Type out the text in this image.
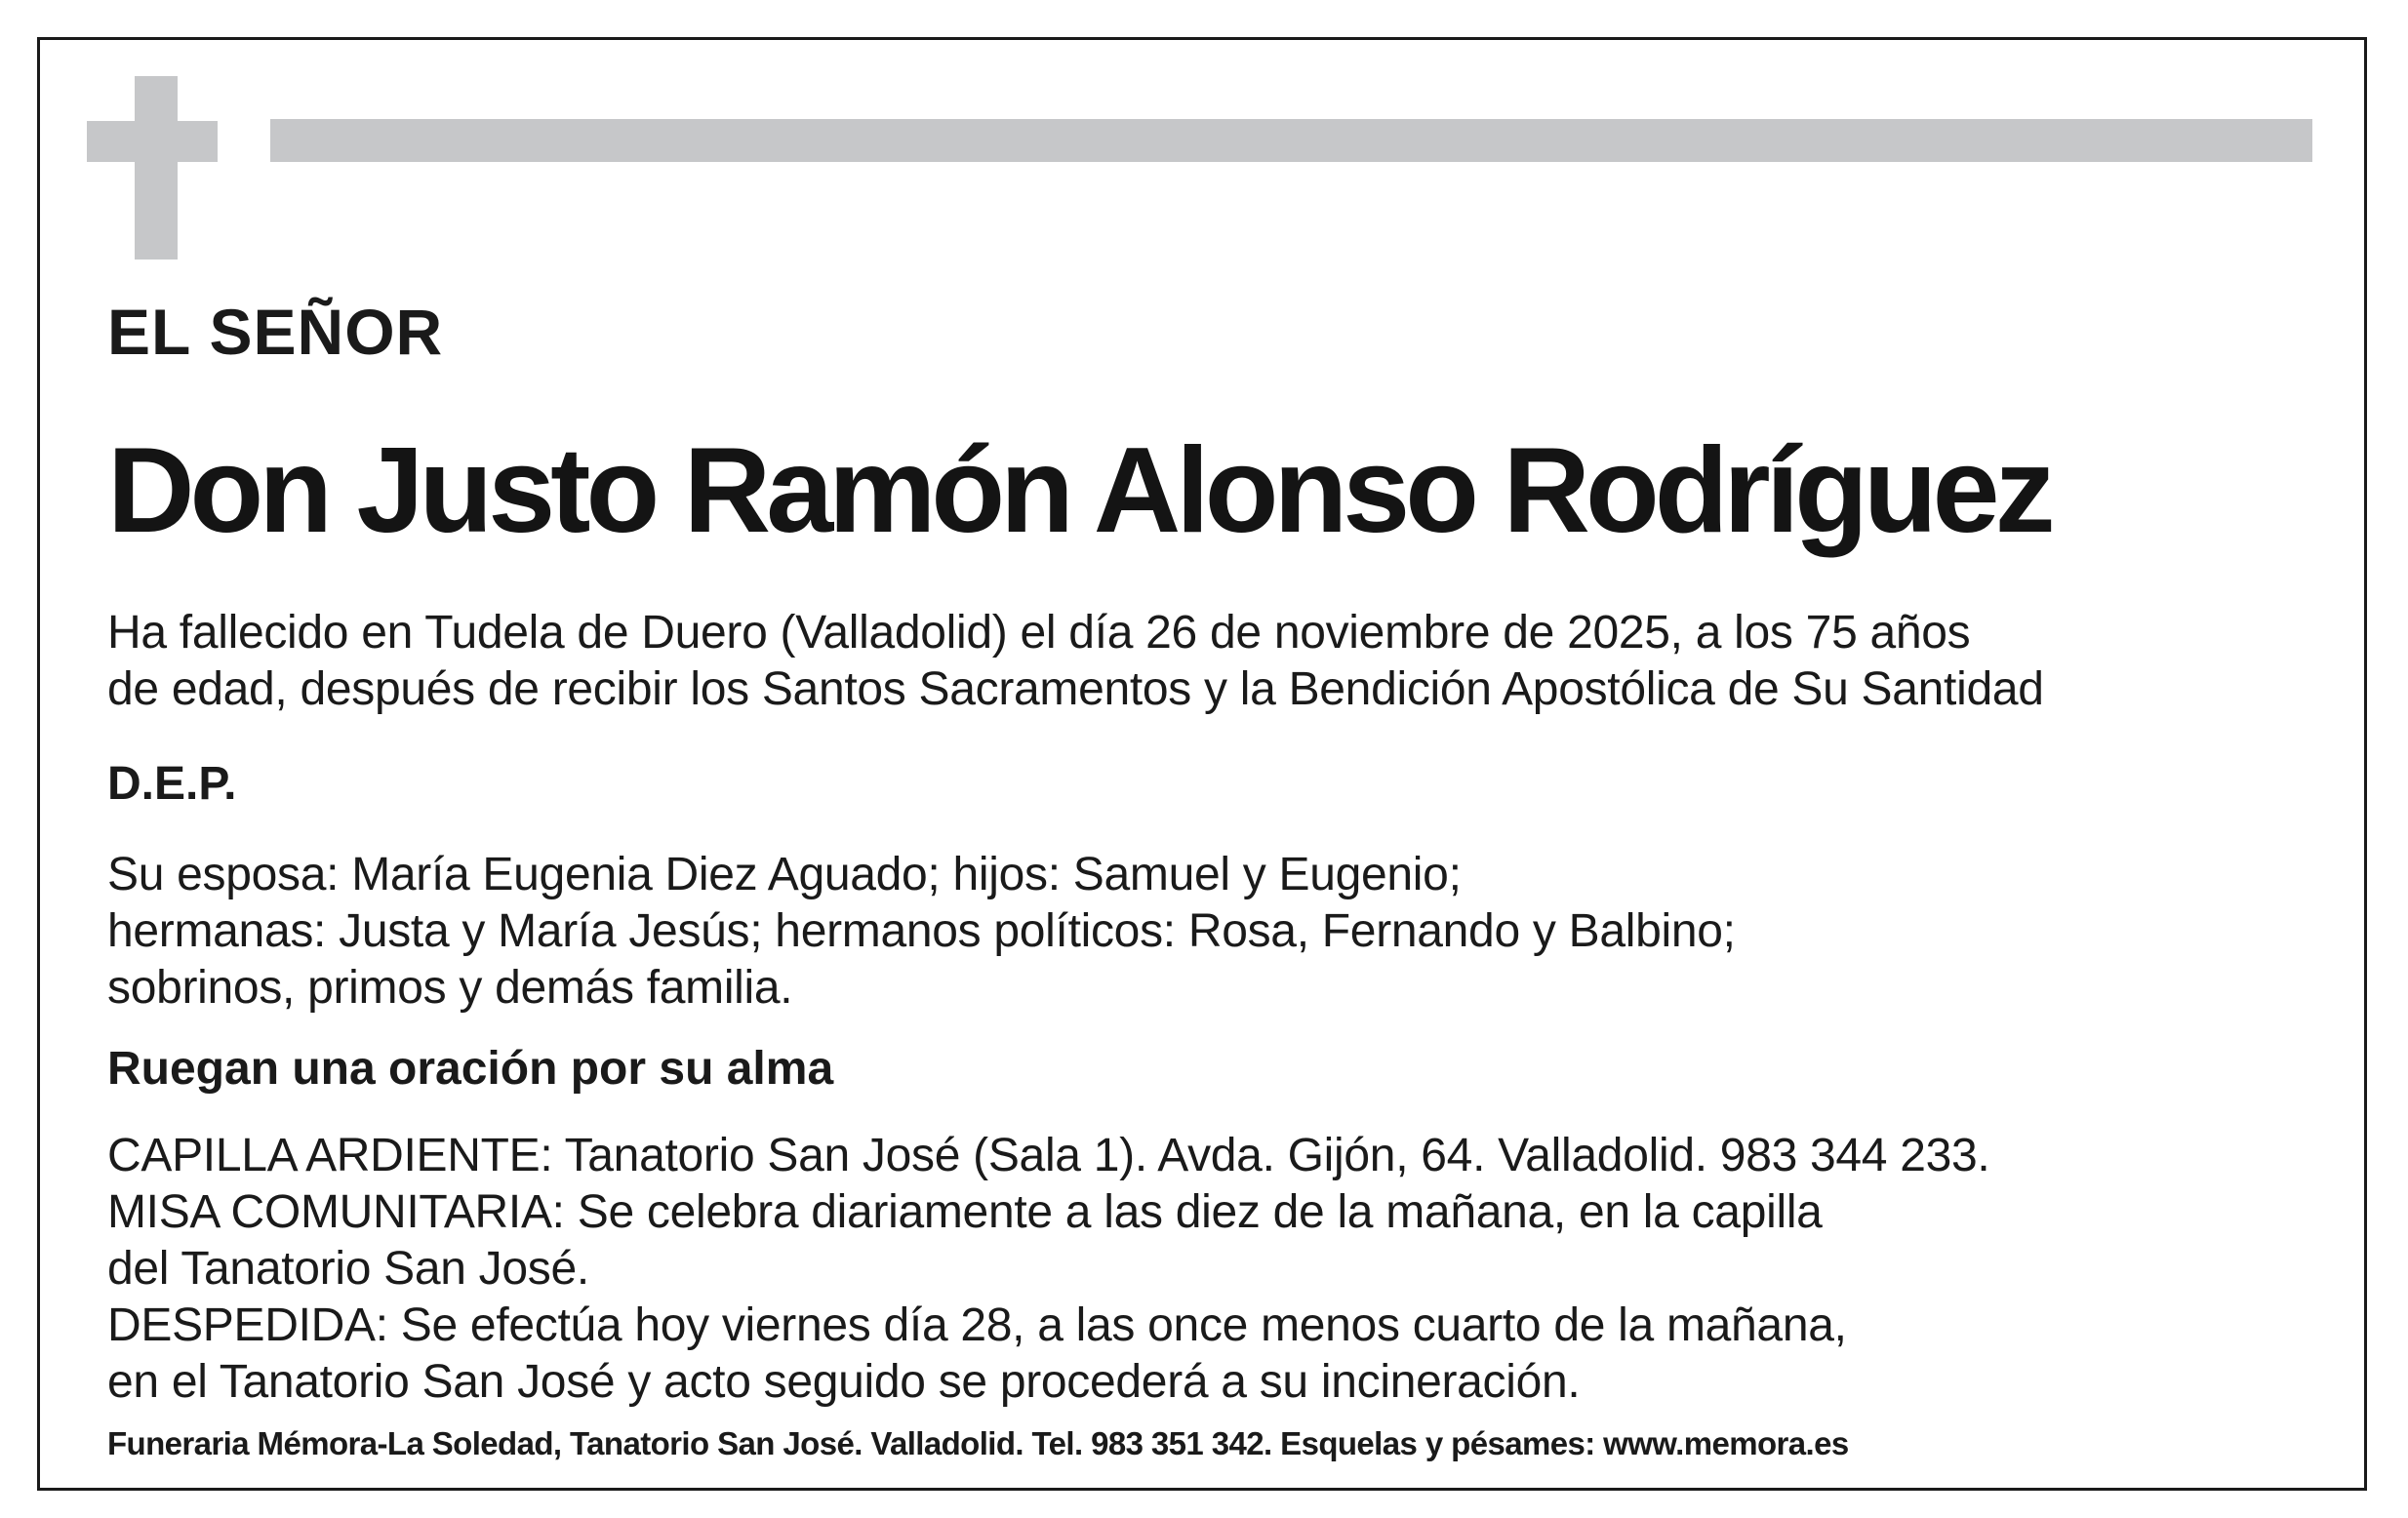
EL SEÑOR
Don Justo Ramón Alonso Rodríguez
Ha fallecido en Tudela de Duero (Valladolid) el día 26 de noviembre de 2025, a los 75 años
de edad, después de recibir los Santos Sacramentos y la Bendición Apostólica de Su Santidad
D.E.P.
Su esposa: María Eugenia Diez Aguado; hijos: Samuel y Eugenio;
hermanas: Justa y María Jesús; hermanos políticos: Rosa, Fernando y Balbino;
sobrinos, primos y demás familia.
Ruegan una oración por su alma
CAPILLA ARDIENTE: Tanatorio San José (Sala 1). Avda. Gijón, 64. Valladolid. 983 344 233.
MISA COMUNITARIA: Se celebra diariamente a las diez de la mañana, en la capilla
del Tanatorio San José.
DESPEDIDA: Se efectúa hoy viernes día 28, a las once menos cuarto de la mañana,
en el Tanatorio San José y acto seguido se procederá a su incineración.
Funeraria Mémora-La Soledad, Tanatorio San José. Valladolid. Tel. 983 351 342. Esquelas y pésames: www.memora.es
